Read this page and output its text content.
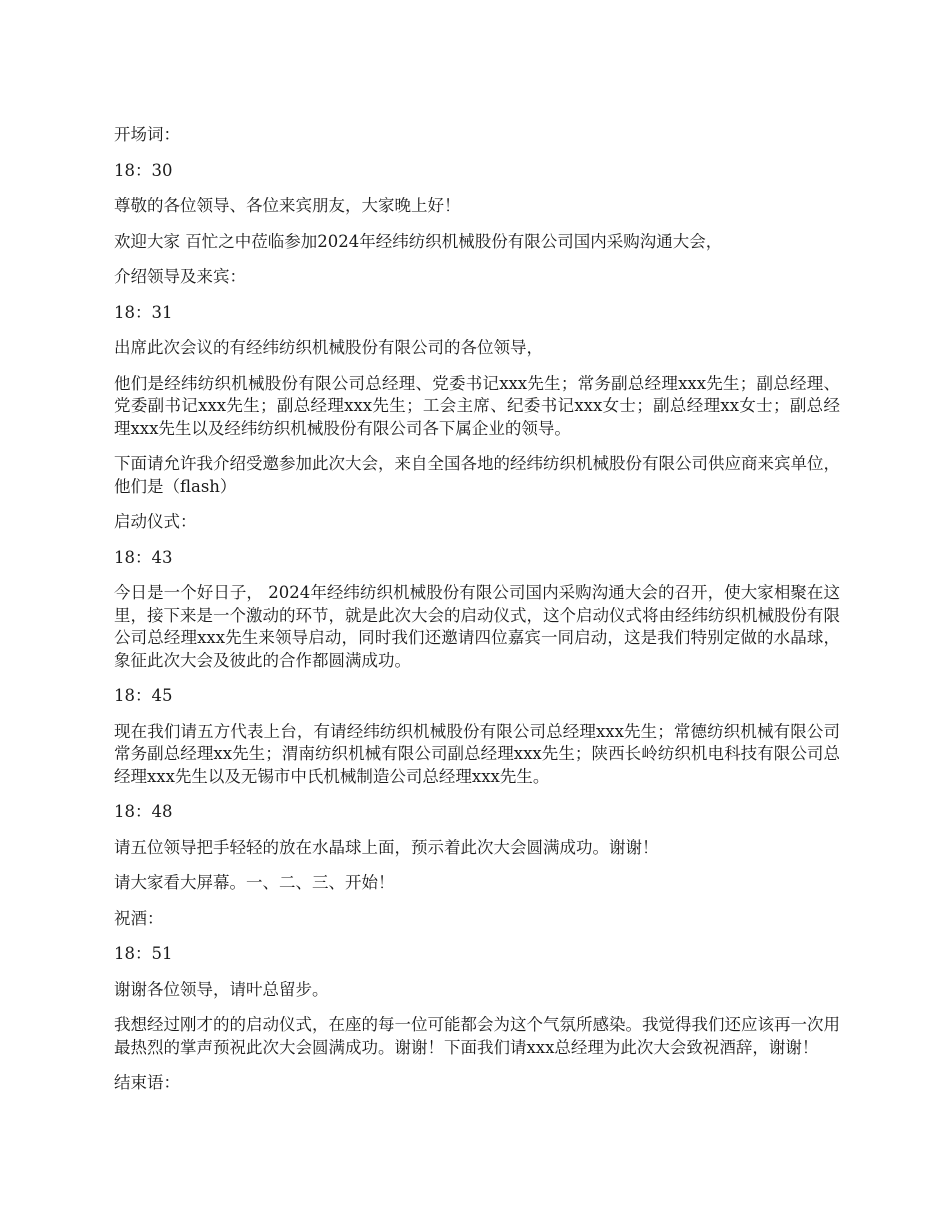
开场词：

18：30

尊敬的各位领导、各位来宾朋友，大家晚上好！

欢迎大家 百忙之中莅临参加2024年经纬纺织机械股份有限公司国内采购沟通大会，

介绍领导及来宾：

18：31

出席此次会议的有经纬纺织机械股份有限公司的各位领导，

他们是经纬纺织机械股份有限公司总经理、党委书记xxx先生；常务副总经理xxx先生；副总经理、党委副书记xxx先生；副总经理xxx先生；工会主席、纪委书记xxx女士；副总经理xx女士；副总经理xxx先生以及经纬纺织机械股份有限公司各下属企业的领导。

下面请允许我介绍受邀参加此次大会，来自全国各地的经纬纺织机械股份有限公司供应商来宾单位，他们是（flash）

启动仪式：

18：43

今日是一个好日子， 2024年经纬纺织机械股份有限公司国内采购沟通大会的召开，使大家相聚在这里，接下来是一个激动的环节，就是此次大会的启动仪式，这个启动仪式将由经纬纺织机械股份有限公司总经理xxx先生来领导启动，同时我们还邀请四位嘉宾一同启动，这是我们特别定做的水晶球，象征此次大会及彼此的合作都圆满成功。

18：45

现在我们请五方代表上台，有请经纬纺织机械股份有限公司总经理xxx先生；常德纺织机械有限公司常务副总经理xx先生；渭南纺织机械有限公司副总经理xxx先生；陕西长岭纺织机电科技有限公司总经理xxx先生以及无锡市中氏机械制造公司总经理xxx先生。

18：48

请五位领导把手轻轻的放在水晶球上面，预示着此次大会圆满成功。谢谢！

请大家看大屏幕。一、二、三、开始！

祝酒：

18：51

谢谢各位领导，请叶总留步。

我想经过刚才的的启动仪式，在座的每一位可能都会为这个气氛所感染。我觉得我们还应该再一次用最热烈的掌声预祝此次大会圆满成功。谢谢！下面我们请xxx总经理为此次大会致祝酒辞，谢谢！

结束语：
